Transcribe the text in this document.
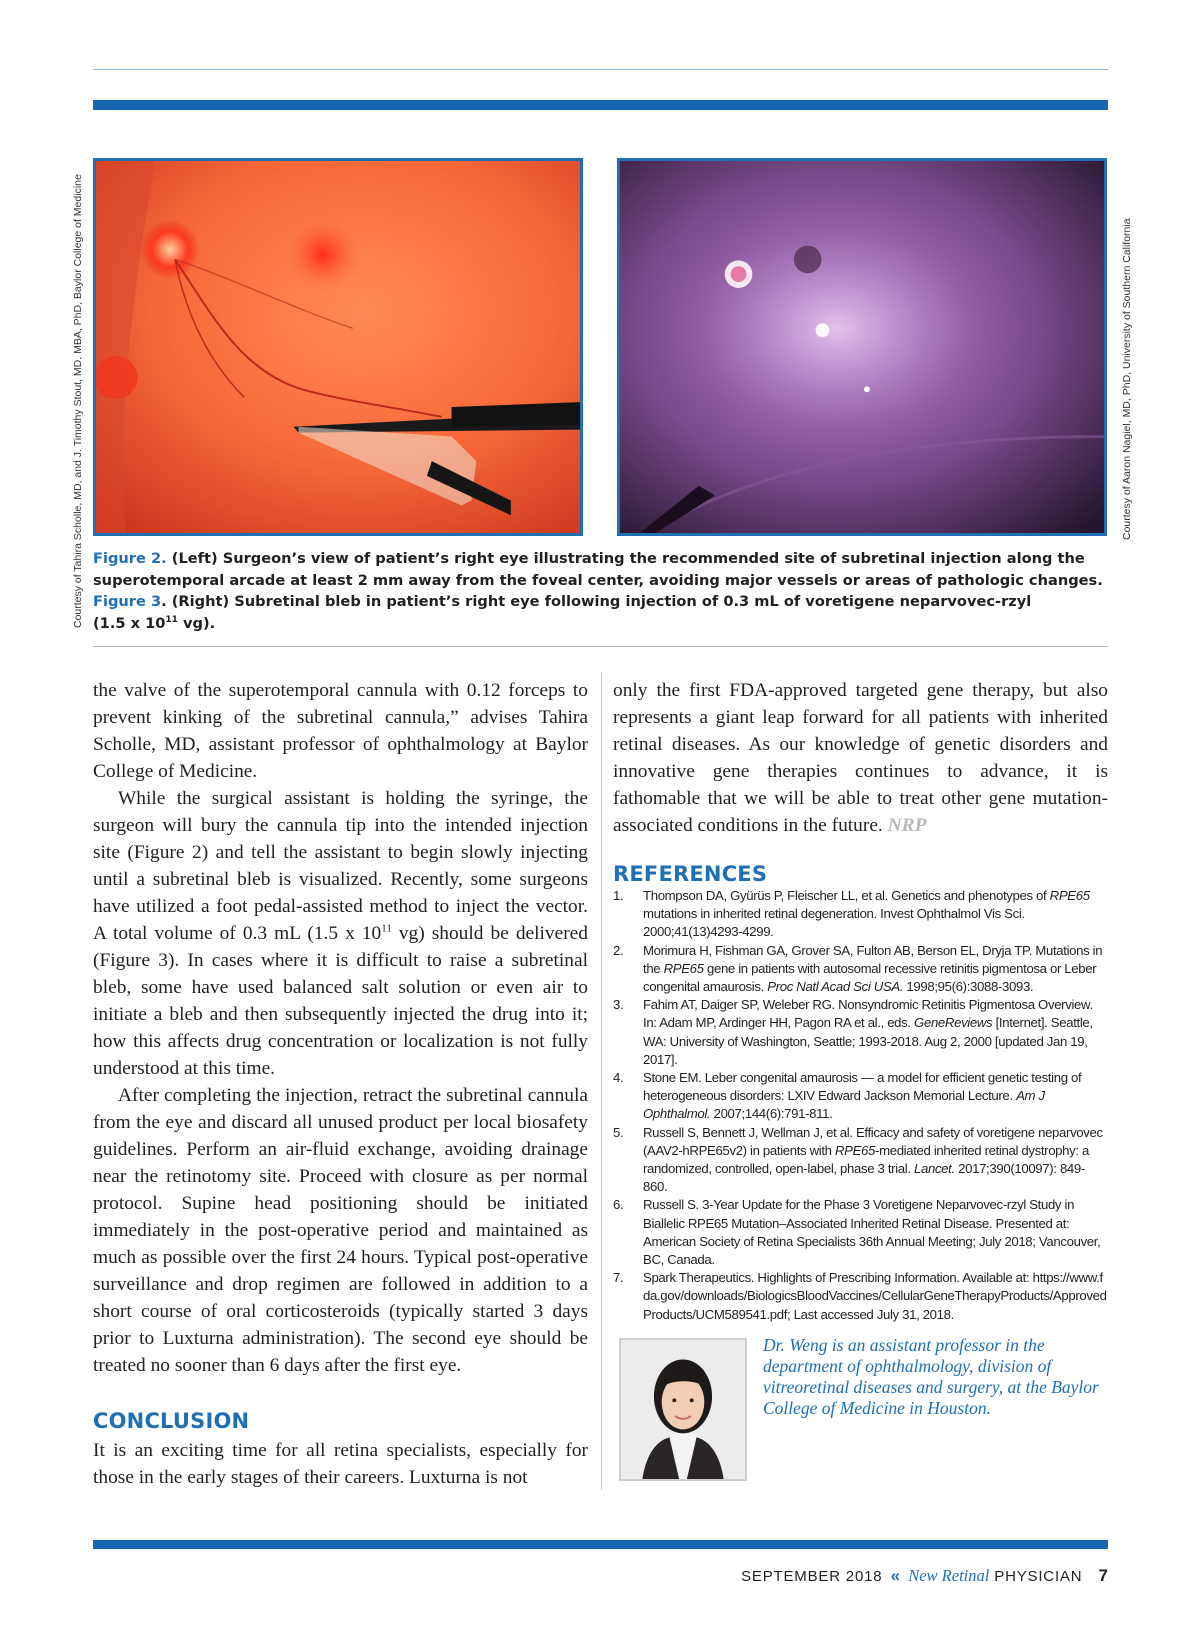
Courtesy of Tahira Scholle, MD, and J. Timothy Stout, MD, MBA, PhD, Baylor College of Medicine	Courtesy of Aaron Nagiel, MD, PhD, University of Southern California
Figure 2. (Left) Surgeon’s view of patient’s right eye illustrating the recommended site of subretinal injection along the superotemporal arcade at least 2 mm away from the foveal center, avoiding major vessels or areas of pathologic changes.
Figure 3. (Right) Subretinal bleb in patient’s right eye following injection of 0.3 mL of voretigene neparvovec-rzyl
(1.5 x $10^{11}$ vg).

the valve of the superotemporal cannula with 0.12 forceps to prevent kinking of the subretinal cannula,” advises Tahira Scholle, MD, assistant professor of ophthalmology at Baylor College of Medicine.

While the surgical assistant is holding the syringe, the surgeon will bury the cannula tip into the intended injection site (Figure 2) and tell the assistant to begin slowly injecting until a subretinal bleb is visualized. Recently, some surgeons have utilized a foot pedal-assisted method to inject the vector. A total volume of 0.3 mL (1.5 x $10^{11}$ vg) should be delivered (Figure 3). In cases where it is difficult to raise a subretinal bleb, some have used balanced salt solution or even air to initiate a bleb and then subsequently injected the drug into it; how this affects drug concentration or localization is not fully understood at this time.

After completing the injection, retract the subretinal cannula from the eye and discard all unused product per local biosafety guidelines. Perform an air-fluid exchange, avoiding drainage near the retinotomy site. Proceed with closure as per normal protocol. Supine head positioning should be initiated immediately in the post-operative period and maintained as much as possible over the first 24 hours. Typical post-operative surveillance and drop regimen are followed in addition to a short course of oral corticosteroids (typically started 3 days prior to Luxturna administration). The second eye should be treated no sooner than 6 days after the first eye.

CONCLUSION

It is an exciting time for all retina specialists, especially for those in the early stages of their careers. Luxturna is not

only the first FDA-approved targeted gene therapy, but also represents a giant leap forward for all patients with inherited retinal diseases. As our knowledge of genetic disorders and innovative gene therapies continues to advance, it is fathomable that we will be able to treat other gene mutation-associated conditions in the future. NRP

REFERENCES
1. Thompson DA, Gyürüs P, Fleischer LL, et al. Genetics and phenotypes of RPE65 mutations in inherited retinal degeneration. Invest Ophthalmol Vis Sci. 2000;41(13)4293-4299.
2. Morimura H, Fishman GA, Grover SA, Fulton AB, Berson EL, Dryja TP. Mutations in the RPE65 gene in patients with autosomal recessive retinitis pigmentosa or Leber congenital amaurosis. Proc Natl Acad Sci USA. 1998;95(6):3088-3093.
3. Fahim AT, Daiger SP, Weleber RG. Nonsyndromic Retinitis Pigmentosa Overview. In: Adam MP, Ardinger HH, Pagon RA et al., eds. GeneReviews [Internet]. Seattle, WA: University of Washington, Seattle; 1993-2018. Aug 2, 2000 [updated Jan 19, 2017].
4. Stone EM. Leber congenital amaurosis — a model for efficient genetic testing of heterogeneous disorders: LXIV Edward Jackson Memorial Lecture. Am J Ophthalmol. 2007;144(6):791-811.
5. Russell S, Bennett J, Wellman J, et al. Efficacy and safety of voretigene neparvovec (AAV2-hRPE65v2) in patients with RPE65-mediated inherited retinal dystrophy: a randomized, controlled, open-label, phase 3 trial. Lancet. 2017;390(10097): 849-860.
6. Russell S. 3-Year Update for the Phase 3 Voretigene Neparvovec-rzyl Study in Biallelic RPE65 Mutation–Associated Inherited Retinal Disease. Presented at: American Society of Retina Specialists 36th Annual Meeting; July 2018; Vancouver, BC, Canada.
7. Spark Therapeutics. Highlights of Prescribing Information. Available at: https://www.fda.gov/downloads/BiologicsBloodVaccines/CellularGeneTherapyProducts/ApprovedProducts/UCM589541.pdf; Last accessed July 31, 2018.

Dr. Weng is an assistant professor in the department of ophthalmology, division of vitreoretinal diseases and surgery, at the Baylor College of Medicine in Houston.

SEPTEMBER 2018 « New Retinal PHYSICIAN 7
